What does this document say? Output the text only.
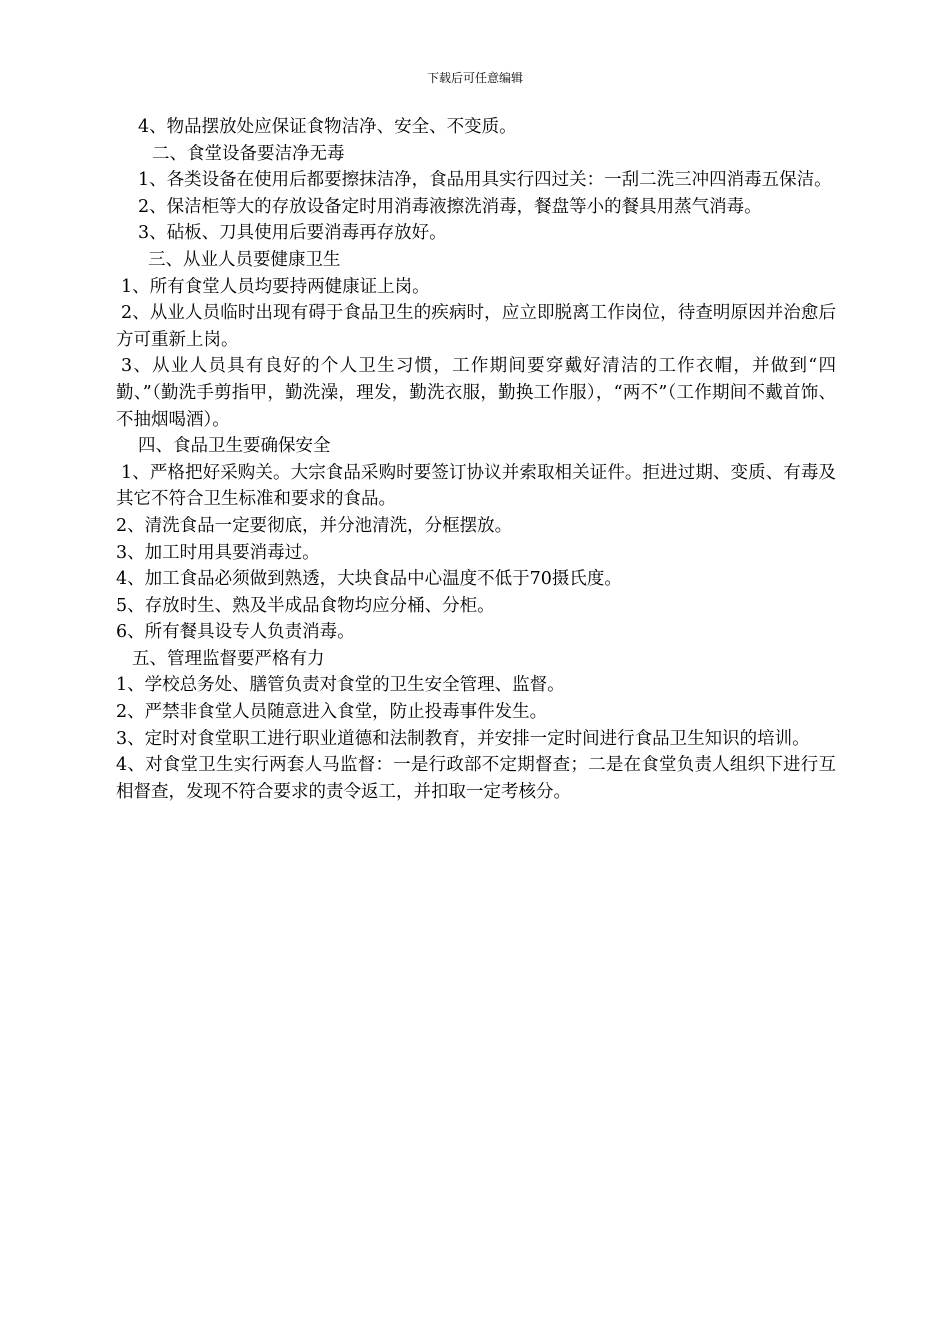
下载后可任意编辑

4、物品摆放处应保证食物洁净、安全、不变质。

二、食堂设备要洁净无毒

1、各类设备在使用后都要擦抹洁净，食品用具实行四过关：一刮二洗三冲四消毒五保洁。

2、保洁柜等大的存放设备定时用消毒液擦洗消毒，餐盘等小的餐具用蒸气消毒。

3、砧板、刀具使用后要消毒再存放好。

三、从业人员要健康卫生

1、所有食堂人员均要持两健康证上岗。

2、从业人员临时出现有碍于食品卫生的疾病时，应立即脱离工作岗位，待查明原因并治愈后方可重新上岗。

3、从业人员具有良好的个人卫生习惯，工作期间要穿戴好清洁的工作衣帽，并做到“四勤、”（勤洗手剪指甲，勤洗澡，理发，勤洗衣服，勤换工作服），“两不”（工作期间不戴首饰、不抽烟喝酒）。

四、食品卫生要确保安全

1、严格把好采购关。大宗食品采购时要签订协议并索取相关证件。拒进过期、变质、有毒及其它不符合卫生标准和要求的食品。

2、清洗食品一定要彻底，并分池清洗，分框摆放。

3、加工时用具要消毒过。

4、加工食品必须做到熟透，大块食品中心温度不低于70摄氏度。

5、存放时生、熟及半成品食物均应分桶、分柜。

6、所有餐具设专人负责消毒。

五、管理监督要严格有力

1、学校总务处、膳管负责对食堂的卫生安全管理、监督。

2、严禁非食堂人员随意进入食堂，防止投毒事件发生。

3、定时对食堂职工进行职业道德和法制教育，并安排一定时间进行食品卫生知识的培训。

4、对食堂卫生实行两套人马监督：一是行政部不定期督查；二是在食堂负责人组织下进行互相督查，发现不符合要求的责令返工，并扣取一定考核分。
